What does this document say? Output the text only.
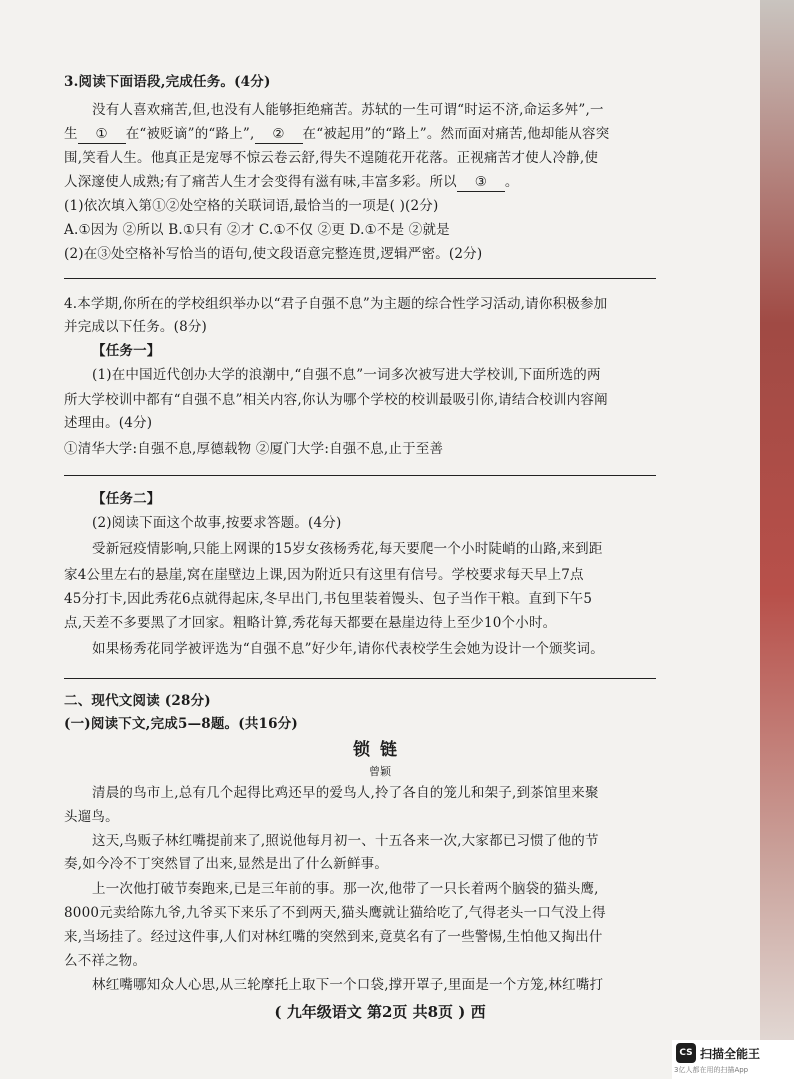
3.阅读下面语段,完成任务。(4分)
没有人喜欢痛苦,但,也没有人能够拒绝痛苦。苏轼的一生可谓“时运不济,命运多舛”,一
生 ① 在“被贬谪”的“路上”, ② 在“被起用”的“路上”。然而面对痛苦,他却能从容突
围,笑看人生。他真正是宠辱不惊云卷云舒,得失不遑随花开花落。正视痛苦才使人冷静,使
人深邃使人成熟;有了痛苦人生才会变得有滋有味,丰富多彩。所以 ③ 。
(1)依次填入第①②处空格的关联词语,最恰当的一项是( )(2分)
A.①因为 ②所以 B.①只有 ②才 C.①不仅 ②更 D.①不是 ②就是
(2)在③处空格补写恰当的语句,使文段语意完整连贯,逻辑严密。(2分)
4.本学期,你所在的学校组织举办以“君子自强不息”为主题的综合性学习活动,请你积极参加
并完成以下任务。(8分)
【任务一】
(1)在中国近代创办大学的浪潮中,“自强不息”一词多次被写进大学校训,下面所选的两
所大学校训中都有“自强不息”相关内容,你认为哪个学校的校训最吸引你,请结合校训内容阐
述理由。(4分)
①清华大学:自强不息,厚德载物 ②厦门大学:自强不息,止于至善
【任务二】
(2)阅读下面这个故事,按要求答题。(4分)
受新冠疫情影响,只能上网课的15岁女孩杨秀花,每天要爬一个小时陡峭的山路,来到距
家4公里左右的悬崖,窝在崖壁边上课,因为附近只有这里有信号。学校要求每天早上7点
45分打卡,因此秀花6点就得起床,冬早出门,书包里装着馒头、包子当作干粮。直到下午5
点,天差不多要黑了才回家。粗略计算,秀花每天都要在悬崖边待上至少10个小时。
如果杨秀花同学被评选为“自强不息”好少年,请你代表校学生会她为设计一个颁奖词。
二、现代文阅读 (28分)
(一)阅读下文,完成5—8题。(共16分)
锁链
曾颖
清晨的鸟市上,总有几个起得比鸡还早的爱鸟人,拎了各自的笼儿和架子,到茶馆里来聚
头遛鸟。
这天,鸟贩子林红嘴提前来了,照说他每月初一、十五各来一次,大家都已习惯了他的节
奏,如今冷不丁突然冒了出来,显然是出了什么新鲜事。
上一次他打破节奏跑来,已是三年前的事。那一次,他带了一只长着两个脑袋的猫头鹰,
8000元卖给陈九爷,九爷买下来乐了不到两天,猫头鹰就让猫给吃了,气得老头一口气没上得
来,当场挂了。经过这件事,人们对林红嘴的突然到来,竟莫名有了一些警惕,生怕他又掏出什
么不祥之物。
林红嘴哪知众人心思,从三轮摩托上取下一个口袋,撑开罩子,里面是一个方笼,林红嘴打
( 九年级语文 第2页 共8页 ) 西
CS 扫描全能王
3亿人都在用的扫描App
